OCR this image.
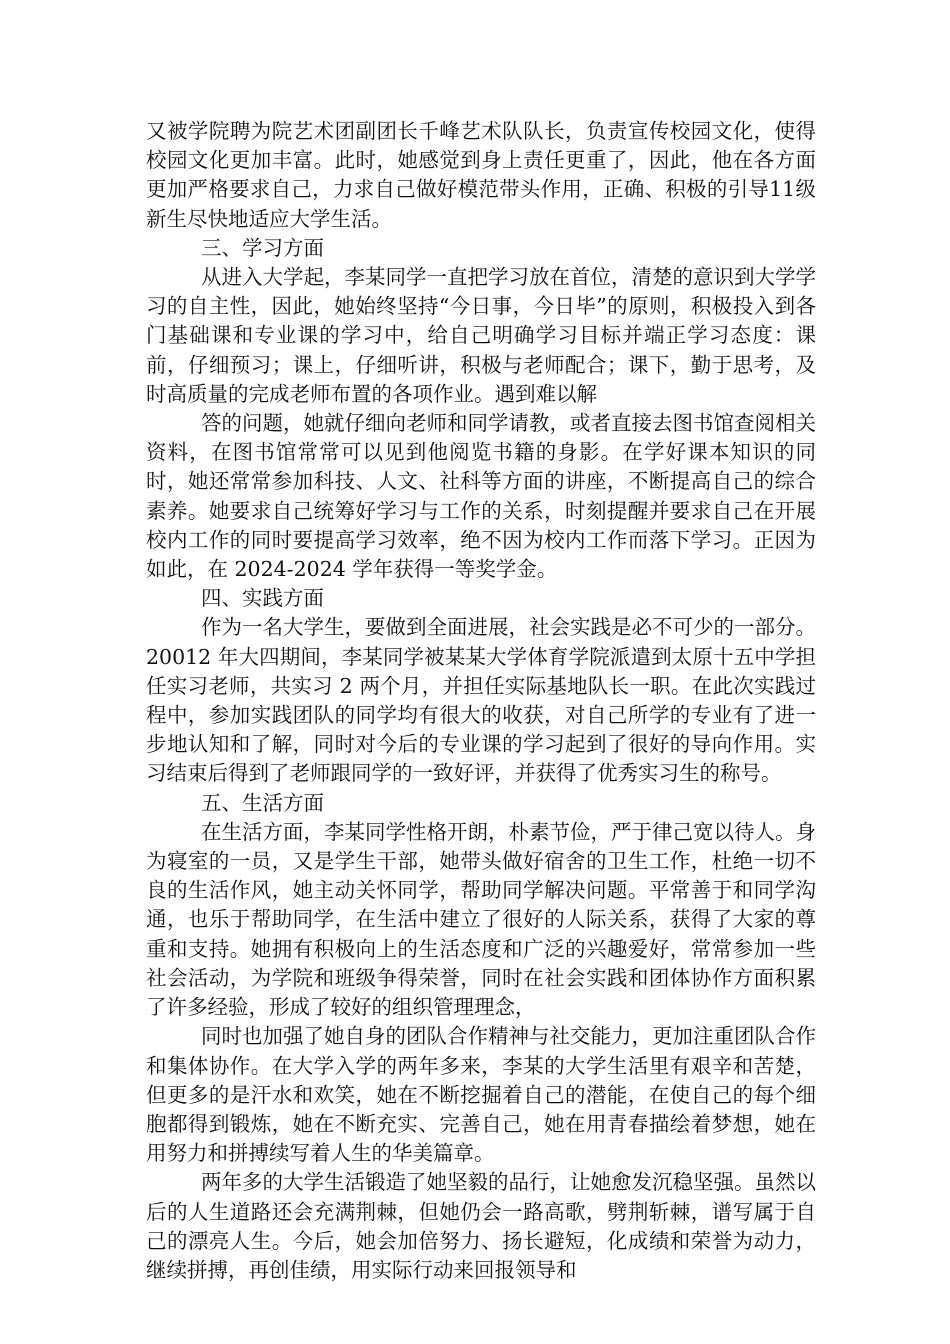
又被学院聘为院艺术团副团长千峰艺术队队长，负责宣传校园文化，使得校园文化更加丰富。此时，她感觉到身上责任更重了，因此，他在各方面更加严格要求自己，力求自己做好模范带头作用，正确、积极的引导11级新生尽快地适应大学生活。

三、学习方面

从进入大学起，李某同学一直把学习放在首位，清楚的意识到大学学习的自主性，因此，她始终坚持“今日事，今日毕”的原则，积极投入到各门基础课和专业课的学习中，给自己明确学习目标并端正学习态度：课前，仔细预习；课上，仔细听讲，积极与老师配合；课下，勤于思考，及时高质量的完成老师布置的各项作业。遇到难以解

答的问题，她就仔细向老师和同学请教，或者直接去图书馆查阅相关资料，在图书馆常常可以见到他阅览书籍的身影。在学好课本知识的同时，她还常常参加科技、人文、社科等方面的讲座，不断提高自己的综合素养。她要求自己统筹好学习与工作的关系，时刻提醒并要求自己在开展校内工作的同时要提高学习效率，绝不因为校内工作而落下学习。正因为如此，在 2024-2024 学年获得一等奖学金。

四、实践方面

作为一名大学生，要做到全面进展，社会实践是必不可少的一部分。20012 年大四期间，李某同学被某某大学体育学院派遣到太原十五中学担任实习老师，共实习 2 两个月，并担任实际基地队长一职。在此次实践过程中，参加实践团队的同学均有很大的收获，对自己所学的专业有了进一步地认知和了解，同时对今后的专业课的学习起到了很好的导向作用。实习结束后得到了老师跟同学的一致好评，并获得了优秀实习生的称号。

五、生活方面

在生活方面，李某同学性格开朗，朴素节俭，严于律己宽以待人。身为寝室的一员，又是学生干部，她带头做好宿舍的卫生工作，杜绝一切不良的生活作风，她主动关怀同学，帮助同学解决问题。平常善于和同学沟通，也乐于帮助同学，在生活中建立了很好的人际关系，获得了大家的尊重和支持。她拥有积极向上的生活态度和广泛的兴趣爱好，常常参加一些社会活动，为学院和班级争得荣誉，同时在社会实践和团体协作方面积累了许多经验，形成了较好的组织管理理念，

同时也加强了她自身的团队合作精神与社交能力，更加注重团队合作和集体协作。在大学入学的两年多来，李某的大学生活里有艰辛和苦楚，但更多的是汗水和欢笑，她在不断挖掘着自己的潜能，在使自己的每个细胞都得到锻炼，她在不断充实、完善自己，她在用青春描绘着梦想，她在用努力和拼搏续写着人生的华美篇章。

两年多的大学生活锻造了她坚毅的品行，让她愈发沉稳坚强。虽然以后的人生道路还会充满荆棘，但她仍会一路高歌，劈荆斩棘，谱写属于自己的漂亮人生。今后，她会加倍努力、扬长避短，化成绩和荣誉为动力，继续拼搏，再创佳绩，用实际行动来回报领导和
